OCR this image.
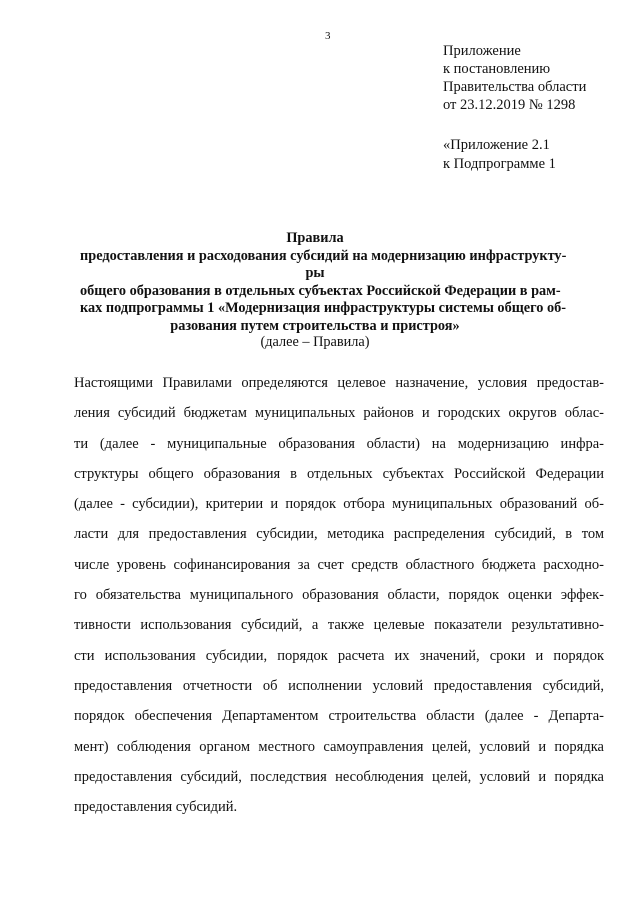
3
Приложение
к постановлению
Правительства области
от 23.12.2019 № 1298
«Приложение 2.1
к Подпрограмме 1
Правила
предоставления и расходования субсидий на модернизацию инфраструкту-
ры
общего образования в отдельных субъектах Российской Федерации в рам-
ках подпрограммы 1 «Модернизация инфраструктуры системы общего об-
разования путем строительства и пристроя»
(далее – Правила)
Настоящими Правилами определяются целевое назначение, условия предостав-
ления субсидий бюджетам муниципальных районов и городских округов облас-
ти (далее - муниципальные образования области) на модернизацию инфра-
структуры общего образования в отдельных субъектах Российской Федерации
(далее - субсидии), критерии и порядок отбора муниципальных образований об-
ласти для предоставления субсидии, методика распределения субсидий, в том
числе уровень софинансирования за счет средств областного бюджета расходно-
го обязательства муниципального образования области, порядок оценки эффек-
тивности использования субсидий, а также целевые показатели результативно-
сти использования субсидии, порядок расчета их значений, сроки и порядок
предоставления отчетности об исполнении условий предоставления субсидий,
порядок обеспечения Департаментом строительства области (далее - Департа-
мент) соблюдения органом местного самоуправления целей, условий и порядка
предоставления субсидий, последствия несоблюдения целей, условий и порядка
предоставления субсидий.
